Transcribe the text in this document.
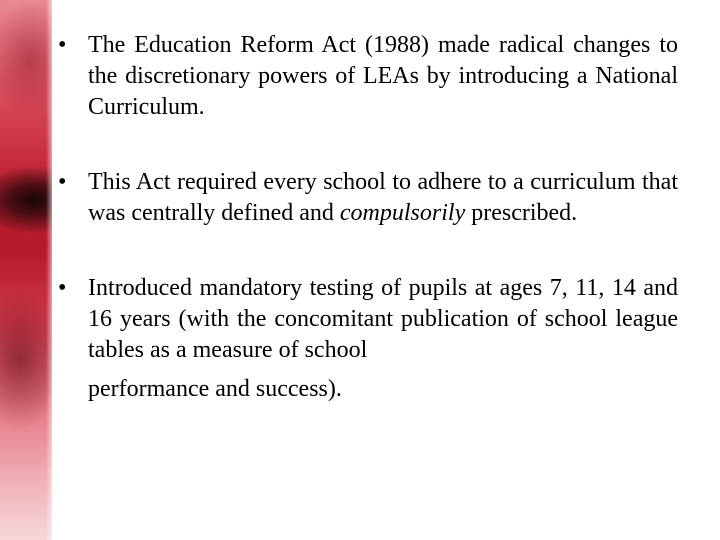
• The Education Reform Act (1988) made radical changes to the discretionary powers of LEAs by introducing a National Curriculum.
• This Act required every school to adhere to a curriculum that was centrally defined and compulsorily prescribed.
• Introduced mandatory testing of pupils at ages 7, 11, 14 and 16 years (with the concomitant publication of school league tables as a measure of school
performance and success).
